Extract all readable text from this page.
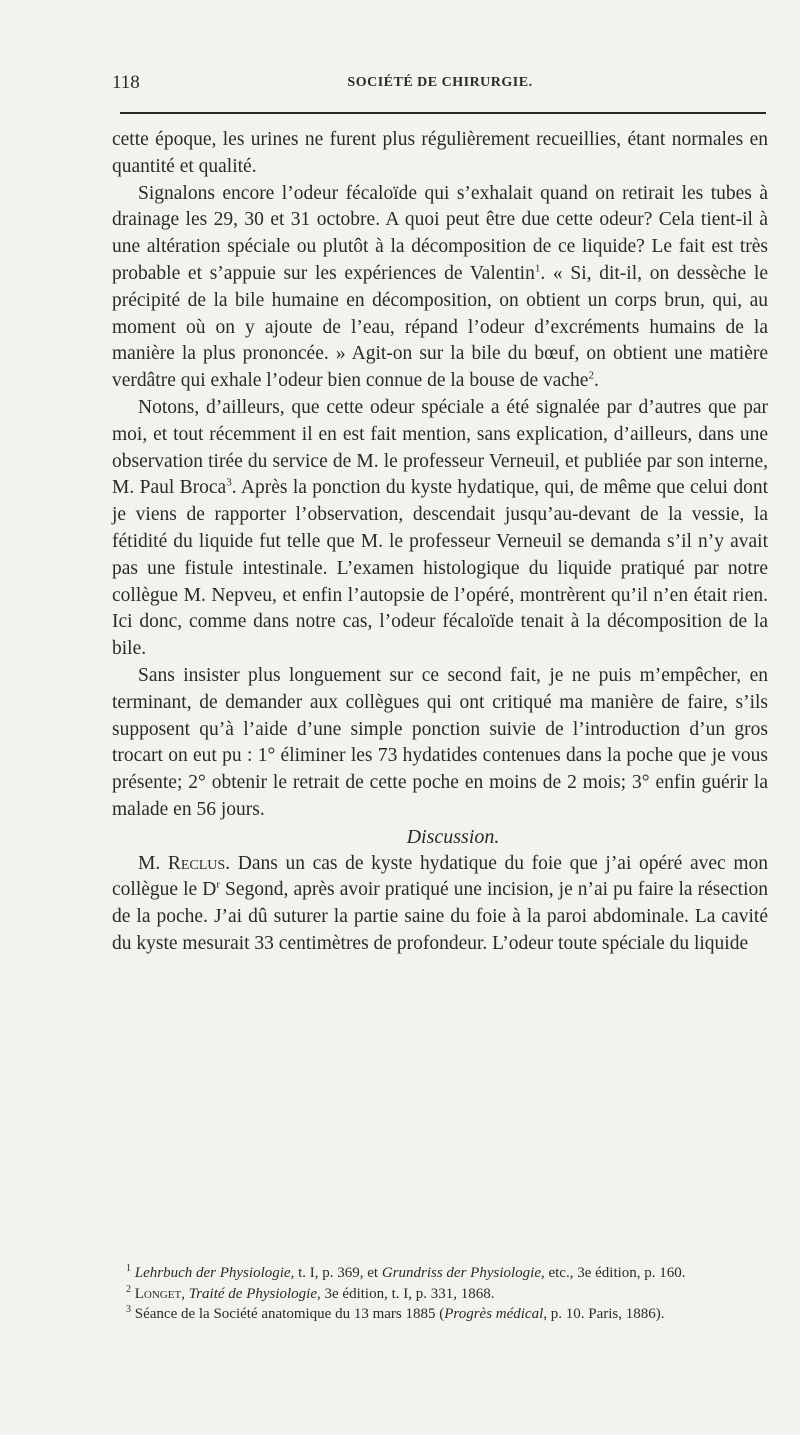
118	SOCIÉTÉ DE CHIRURGIE.

cette époque, les urines ne furent plus régulièrement recueillies, étant normales en quantité et qualité.

Signalons encore l’odeur fécaloïde qui s’exhalait quand on retirait les tubes à drainage les 29, 30 et 31 octobre. A quoi peut être due cette odeur? Cela tient-il à une altération spéciale ou plutôt à la décomposition de ce liquide? Le fait est très probable et s’appuie sur les expériences de Valentin$^1$. « Si, dit-il, on dessèche le précipité de la bile humaine en décomposition, on obtient un corps brun, qui, au moment où on y ajoute de l’eau, répand l’odeur d’excréments humains de la manière la plus prononcée. » Agit-on sur la bile du bœuf, on obtient une matière verdâtre qui exhale l’odeur bien connue de la bouse de vache$^2$.

Notons, d’ailleurs, que cette odeur spéciale a été signalée par d’autres que par moi, et tout récemment il en est fait mention, sans explication, d’ailleurs, dans une observation tirée du service de M. le professeur Verneuil, et publiée par son interne, M. Paul Broca$^3$. Après la ponction du kyste hydatique, qui, de même que celui dont je viens de rapporter l’observation, descendait jusqu’au-devant de la vessie, la fétidité du liquide fut telle que M. le professeur Verneuil se demanda s’il n’y avait pas une fistule intestinale. L’examen histologique du liquide pratiqué par notre collègue M. Nepveu, et enfin l’autopsie de l’opéré, montrèrent qu’il n’en était rien. Ici donc, comme dans notre cas, l’odeur fécaloïde tenait à la décomposition de la bile.

Sans insister plus longuement sur ce second fait, je ne puis m’empêcher, en terminant, de demander aux collègues qui ont critiqué ma manière de faire, s’ils supposent qu’à l’aide d’une simple ponction suivie de l’introduction d’un gros trocart on eut pu : 1° éliminer les 73 hydatides contenues dans la poche que je vous présente; 2° obtenir le retrait de cette poche en moins de 2 mois; 3° enfin guérir la malade en 56 jours.

Discussion.

M. Reclus. Dans un cas de kyste hydatique du foie que j’ai opéré avec mon collègue le $D^r$ Segond, après avoir pratiqué une incision, je n’ai pu faire la résection de la poche. J’ai dû suturer la partie saine du foie à la paroi abdominale. La cavité du kyste mesurait 33 centimètres de profondeur. L’odeur toute spéciale du liquide

$^1$ Lehrbuch der Physiologie, t. I, p. 369, et Grundriss der Physiologie, etc., 3e édition, p. 160.

$^2$ Longet, Traité de Physiologie, 3e édition, t. I, p. 331, 1868.

$^3$ Séance de la Société anatomique du 13 mars 1885 (Progrès médical, p. 10. Paris, 1886).
